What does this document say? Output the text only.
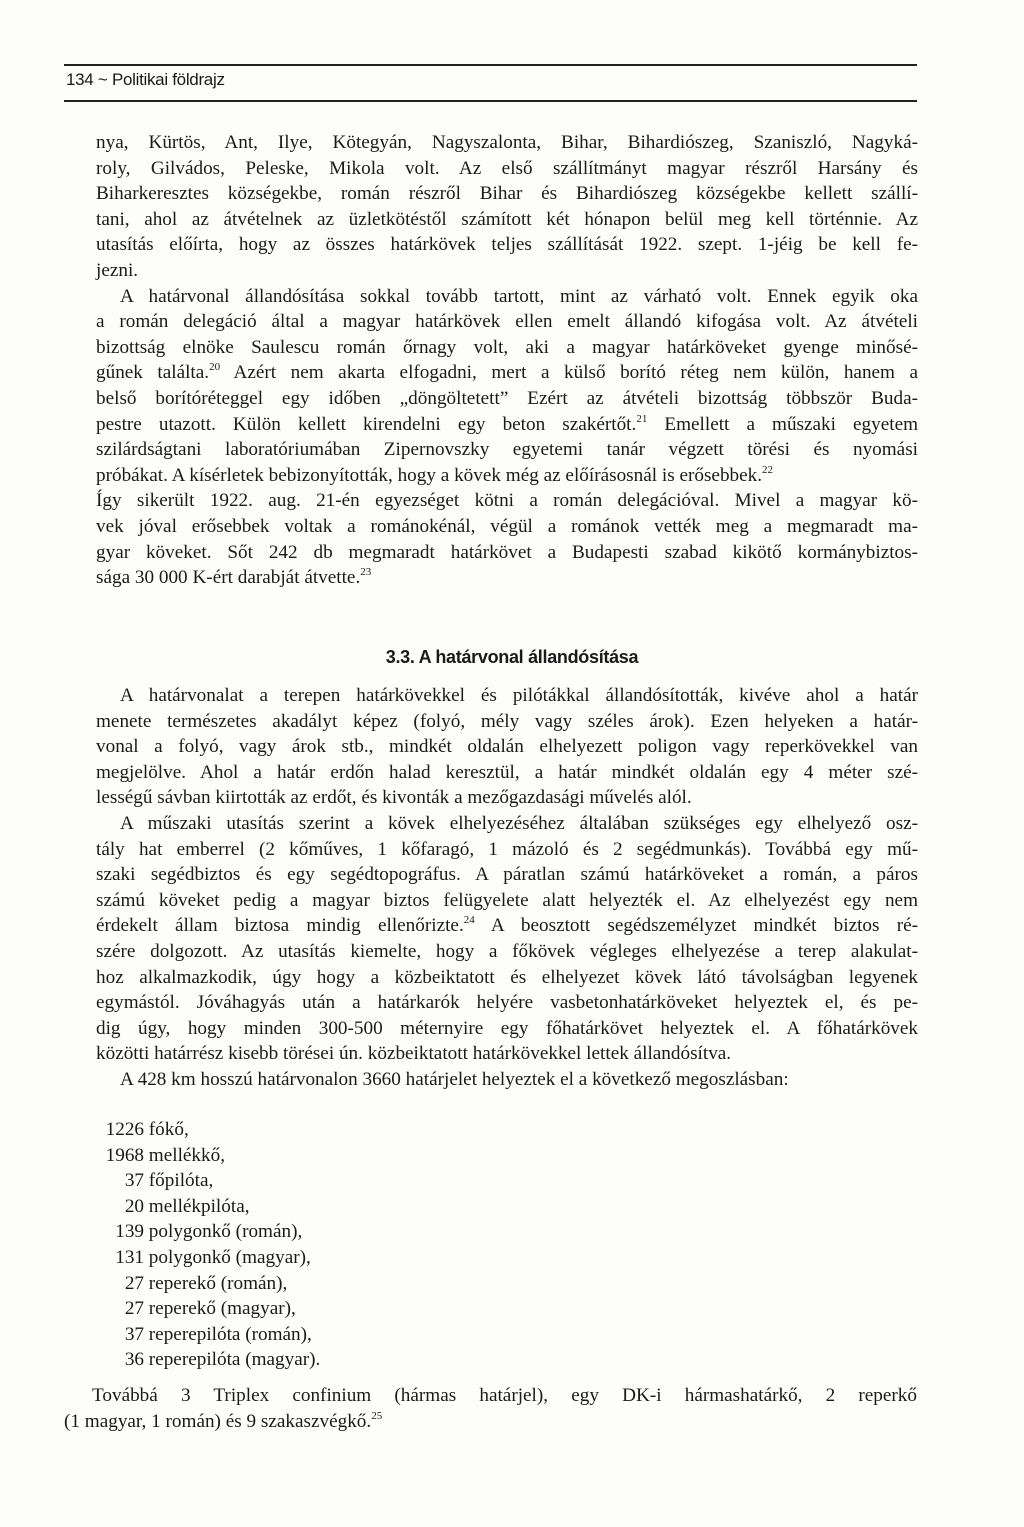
134 ~ Politikai földrajz
nya, Kürtös, Ant, Ilye, Kötegyán, Nagyszalonta, Bihar, Bihardiószeg, Szaniszló, Nagyká-
roly, Gilvádos, Peleske, Mikola volt. Az első szállítmányt magyar részről Harsány és
Biharkeresztes községekbe, román részről Bihar és Bihardiószeg községekbe kellett szállí-
tani, ahol az átvételnek az üzletkötéstől számított két hónapon belül meg kell történnie. Az
utasítás előírta, hogy az összes határkövek teljes szállítását 1922. szept. 1-jéig be kell fe-
jezni.
A határvonal állandósítása sokkal tovább tartott, mint az várható volt. Ennek egyik oka
a román delegáció által a magyar határkövek ellen emelt állandó kifogása volt. Az átvételi
bizottság elnöke Saulescu román őrnagy volt, aki a magyar határköveket gyenge minősé-
gűnek találta.$^{20}$ Azért nem akarta elfogadni, mert a külső borító réteg nem külön, hanem a
belső borítóréteggel egy időben „döngöltetett” Ezért az átvételi bizottság többször Buda-
pestre utazott. Külön kellett kirendelni egy beton szakértőt.$^{21}$ Emellett a műszaki egyetem
szilárdságtani laboratóriumában Zipernovszky egyetemi tanár végzett törési és nyomási
próbákat. A kísérletek bebizonyították, hogy a kövek még az előírásosnál is erősebbek.$^{22}$
Így sikerült 1922. aug. 21-én egyezséget kötni a román delegációval. Mivel a magyar kö-
vek jóval erősebbek voltak a románokénál, végül a románok vették meg a megmaradt ma-
gyar köveket. Sőt 242 db megmaradt határkövet a Budapesti szabad kikötő kormánybiztos-
sága 30 000 K-ért darabját átvette.$^{23}$
3.3. A határvonal állandósítása
A határvonalat a terepen határkövekkel és pilótákkal állandósították, kivéve ahol a határ
menete természetes akadályt képez (folyó, mély vagy széles árok). Ezen helyeken a határ-
vonal a folyó, vagy árok stb., mindkét oldalán elhelyezett poligon vagy reperkövekkel van
megjelölve. Ahol a határ erdőn halad keresztül, a határ mindkét oldalán egy 4 méter szé-
lességű sávban kiirtották az erdőt, és kivonták a mezőgazdasági művelés alól.
A műszaki utasítás szerint a kövek elhelyezéséhez általában szükséges egy elhelyező osz-
tály hat emberrel (2 kőműves, 1 kőfaragó, 1 mázoló és 2 segédmunkás). Továbbá egy mű-
szaki segédbiztos és egy segédtopográfus. A páratlan számú határköveket a román, a páros
számú köveket pedig a magyar biztos felügyelete alatt helyezték el. Az elhelyezést egy nem
érdekelt állam biztosa mindig ellenőrizte.$^{24}$ A beosztott segédszemélyzet mindkét biztos ré-
szére dolgozott. Az utasítás kiemelte, hogy a főkövek végleges elhelyezése a terep alakulat-
hoz alkalmazkodik, úgy hogy a közbeiktatott és elhelyezet kövek látó távolságban legyenek
egymástól. Jóváhagyás után a határkarók helyére vasbetonhatárköveket helyeztek el, és pe-
dig úgy, hogy minden 300-500 méternyire egy főhatárkövet helyeztek el. A főhatárkövek
közötti határrész kisebb törései ún. közbeiktatott határkövekkel lettek állandósítva.
A 428 km hosszú határvonalon 3660 határjelet helyeztek el a következő megoszlásban:
1226 fókő,
1968 mellékkő,
37 főpilóta,
20 mellékpilóta,
139 polygonkő (román),
131 polygonkő (magyar),
27 reperekő (román),
27 reperekő (magyar),
37 reperepilóta (román),
36 reperepilóta (magyar).
Továbbá 3 Triplex confinium (hármas határjel), egy DK-i hármashatárkő, 2 reperkő
(1 magyar, 1 román) és 9 szakaszvégkő.$^{25}$
